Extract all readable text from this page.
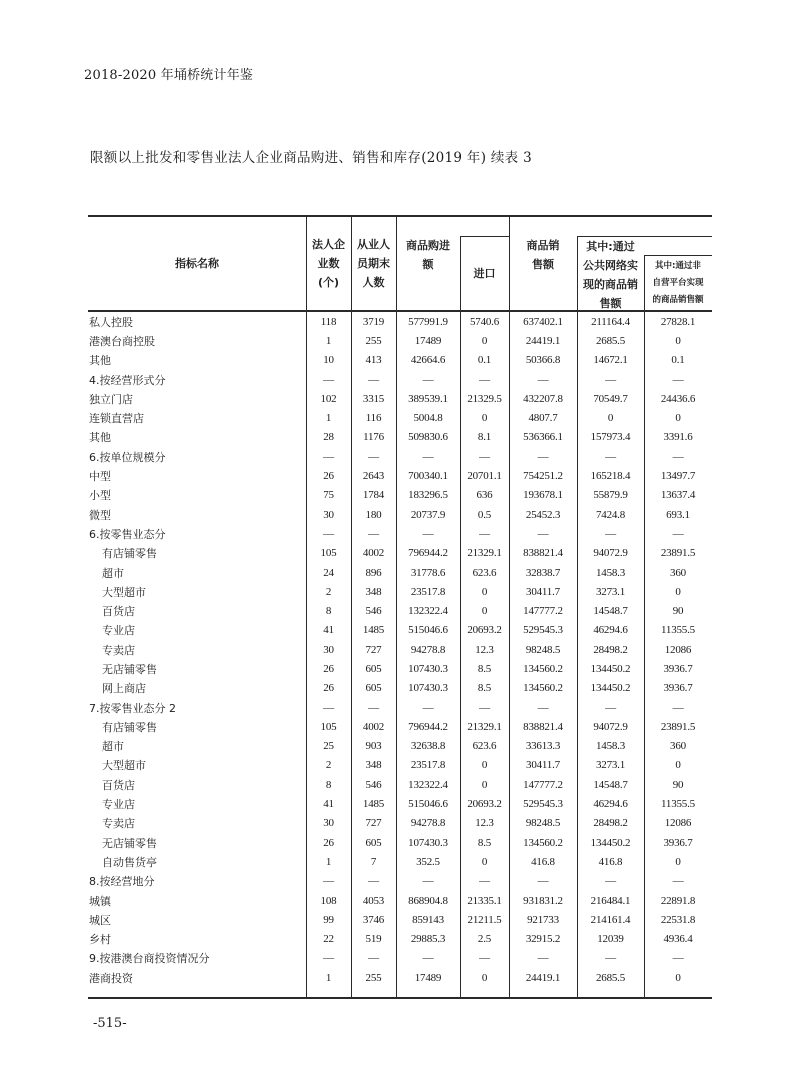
2018-2020 年埇桥统计年鉴
限额以上批发和零售业法人企业商品购进、销售和库存(2019 年) 续表 3
指标名称
法人企
业数
(个)
从业人
员期末
人数
商品购进
额
进口
商品销
售额
其中:通过
公共网络实
现的商品销
售额
其中:通过非
自营平台实现
的商品销售额
私人控股	118	3719	577991.9	5740.6	637402.1	211164.4	27828.1
港澳台商控股	1	255	17489	0	24419.1	2685.5	0
其他	10	413	42664.6	0.1	50366.8	14672.1	0.1
4.按经营形式分	—	—	—	—	—	—	—
独立门店	102	3315	389539.1	21329.5	432207.8	70549.7	24436.6
连锁直营店	1	116	5004.8	0	4807.7	0	0
其他	28	1176	509830.6	8.1	536366.1	157973.4	3391.6
6.按单位规模分	—	—	—	—	—	—	—
中型	26	2643	700340.1	20701.1	754251.2	165218.4	13497.7
小型	75	1784	183296.5	636	193678.1	55879.9	13637.4
微型	30	180	20737.9	0.5	25452.3	7424.8	693.1
6.按零售业态分	—	—	—	—	—	—	—
有店铺零售	105	4002	796944.2	21329.1	838821.4	94072.9	23891.5
超市	24	896	31778.6	623.6	32838.7	1458.3	360
大型超市	2	348	23517.8	0	30411.7	3273.1	0
百货店	8	546	132322.4	0	147777.2	14548.7	90
专业店	41	1485	515046.6	20693.2	529545.3	46294.6	11355.5
专卖店	30	727	94278.8	12.3	98248.5	28498.2	12086
无店铺零售	26	605	107430.3	8.5	134560.2	134450.2	3936.7
网上商店	26	605	107430.3	8.5	134560.2	134450.2	3936.7
7.按零售业态分 2	—	—	—	—	—	—	—
有店铺零售	105	4002	796944.2	21329.1	838821.4	94072.9	23891.5
超市	25	903	32638.8	623.6	33613.3	1458.3	360
大型超市	2	348	23517.8	0	30411.7	3273.1	0
百货店	8	546	132322.4	0	147777.2	14548.7	90
专业店	41	1485	515046.6	20693.2	529545.3	46294.6	11355.5
专卖店	30	727	94278.8	12.3	98248.5	28498.2	12086
无店铺零售	26	605	107430.3	8.5	134560.2	134450.2	3936.7
自动售货亭	1	7	352.5	0	416.8	416.8	0
8.按经营地分	—	—	—	—	—	—	—
城镇	108	4053	868904.8	21335.1	931831.2	216484.1	22891.8
城区	99	3746	859143	21211.5	921733	214161.4	22531.8
乡村	22	519	29885.3	2.5	32915.2	12039	4936.4
9.按港澳台商投资情况分	—	—	—	—	—	—	—
港商投资	1	255	17489	0	24419.1	2685.5	0
-515-
